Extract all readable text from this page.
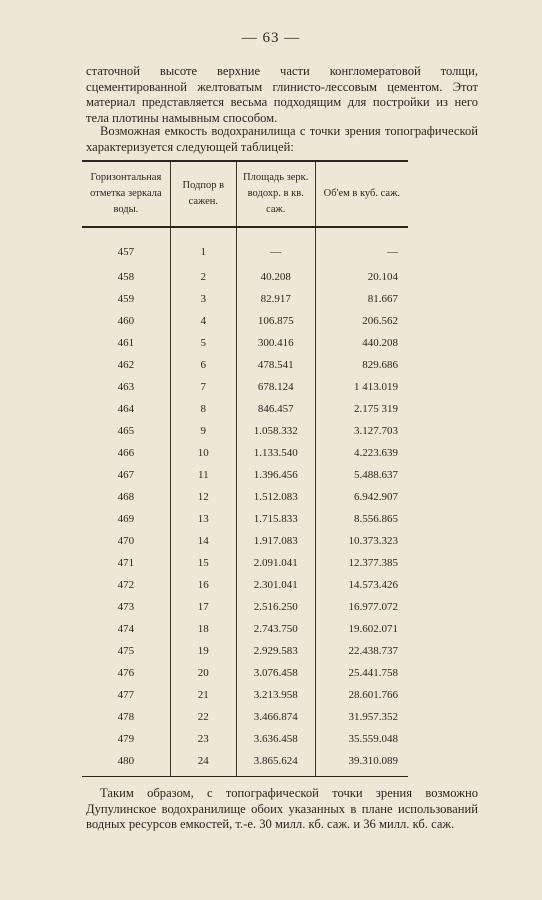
— 63 —

статочной высоте верхние части конгломератовой толщи, сцементированной желтоватым глинисто-лессовым цементом. Этот материал представляется весьма подходящим для постройки из него тела плотины намывным способом.

Возможная емкость водохранилища с точки зрения топографической характеризуется следующей таблицей:

Горизонтальная отметка зеркала воды.	Подпор в сажен.	Площадь зерк. водохр. в кв. саж.	Об'ем в куб. саж.
457	1	—	—
458	2	40.208	20.104
459	3	82.917	81.667
460	4	106.875	206.562
461	5	300.416	440.208
462	6	478.541	829.686
463	7	678.124	1 413.019
464	8	846.457	2.175 319
465	9	1.058.332	3.127.703
466	10	1.133.540	4.223.639
467	11	1.396.456	5.488.637
468	12	1.512.083	6.942.907
469	13	1.715.833	8.556.865
470	14	1.917.083	10.373.323
471	15	2.091.041	12.377.385
472	16	2.301.041	14.573.426
473	17	2.516.250	16.977.072
474	18	2.743.750	19.602.071
475	19	2.929.583	22.438.737
476	20	3.076.458	25.441.758
477	21	3.213.958	28.601.766
478	22	3.466.874	31.957.352
479	23	3.636.458	35.559.048
480	24	3.865.624	39.310.089

Таким образом, с топографической точки зрения возможно Дупулинское водохранилище обоих указанных в плане использований водных ресурсов емкостей, т.-е. 30 милл. кб. саж. и 36 милл. кб. саж.
